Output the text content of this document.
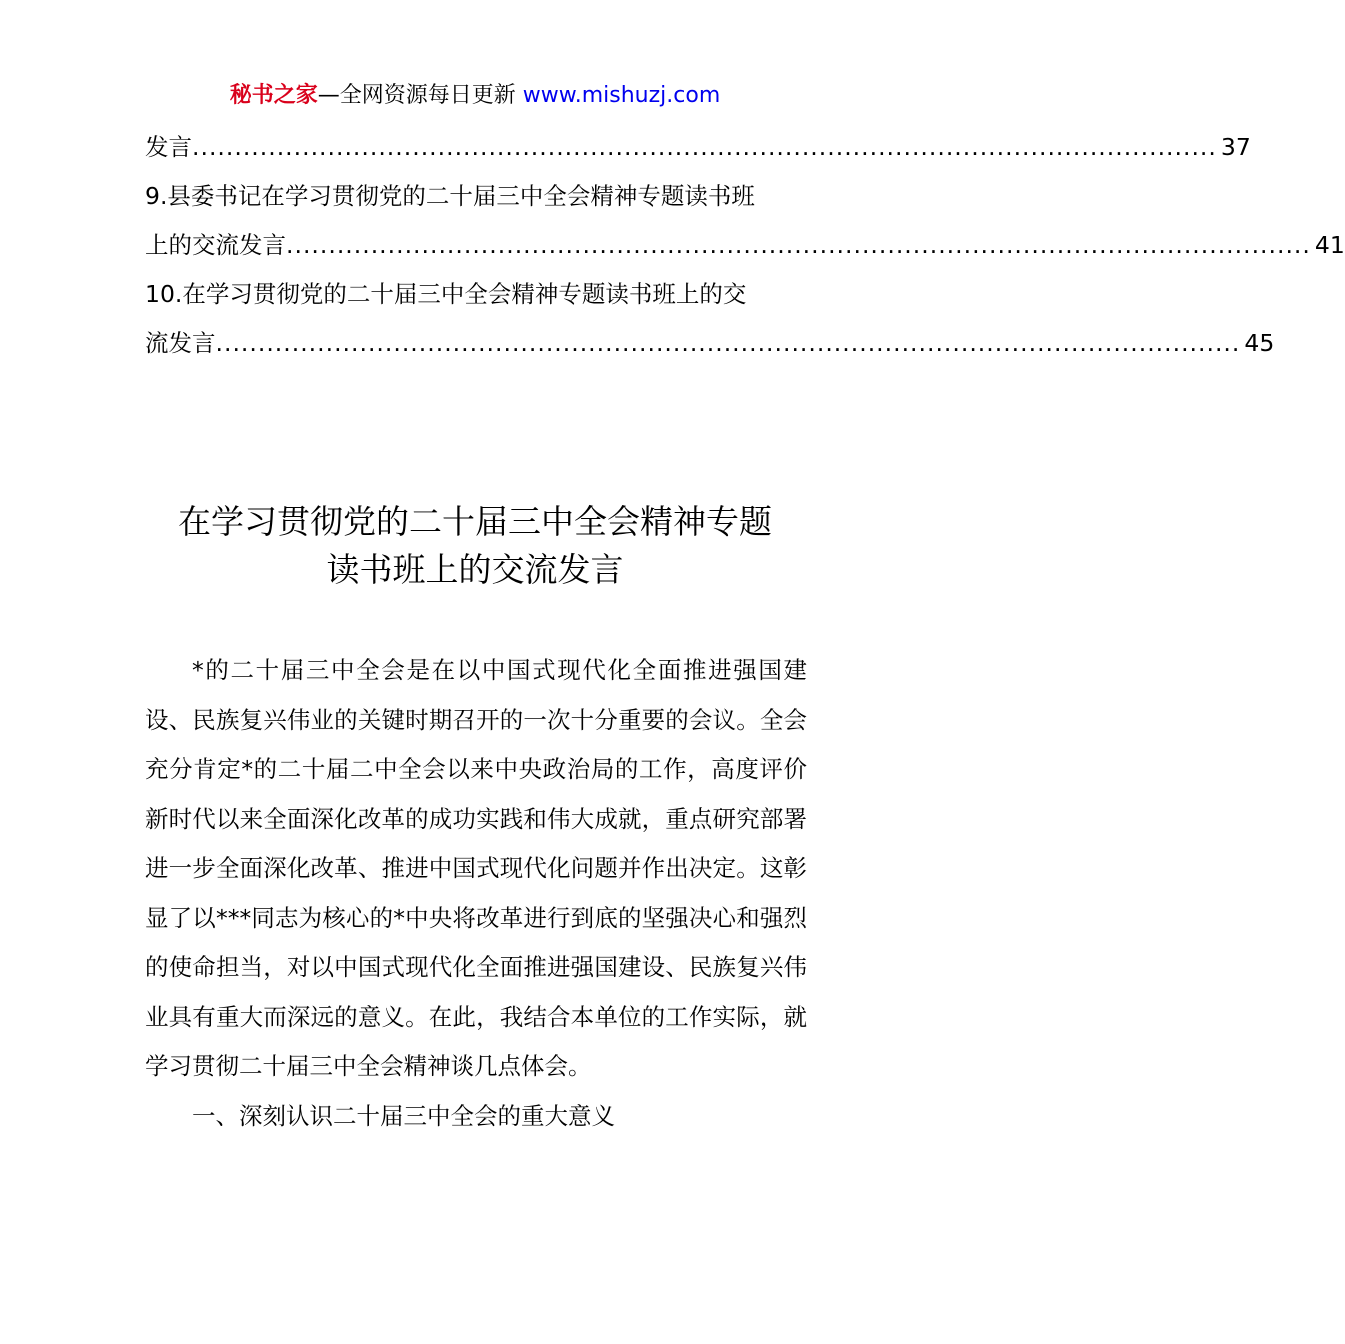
秘书之家—全网资源每日更新 www.mishuzj.com
发言 ......................................................................................................................... 37
9.县委书记在学习贯彻党的二十届三中全会精神专题读书班
上的交流发言 ......................................................................................................................... 41
10.在学习贯彻党的二十届三中全会精神专题读书班上的交
流发言 ......................................................................................................................... 45
在学习贯彻党的二十届三中全会精神专题
读书班上的交流发言

*的二十届三中全会是在以中国式现代化全面推进强国建设、民族复兴伟业的关键时期召开的一次十分重要的会议。全会充分肯定*的二十届二中全会以来中央政治局的工作，高度评价新时代以来全面深化改革的成功实践和伟大成就，重点研究部署进一步全面深化改革、推进中国式现代化问题并作出决定。这彰显了以***同志为核心的*中央将改革进行到底的坚强决心和强烈的使命担当，对以中国式现代化全面推进强国建设、民族复兴伟业具有重大而深远的意义。在此，我结合本单位的工作实际，就学习贯彻二十届三中全会精神谈几点体会。

一、深刻认识二十届三中全会的重大意义
